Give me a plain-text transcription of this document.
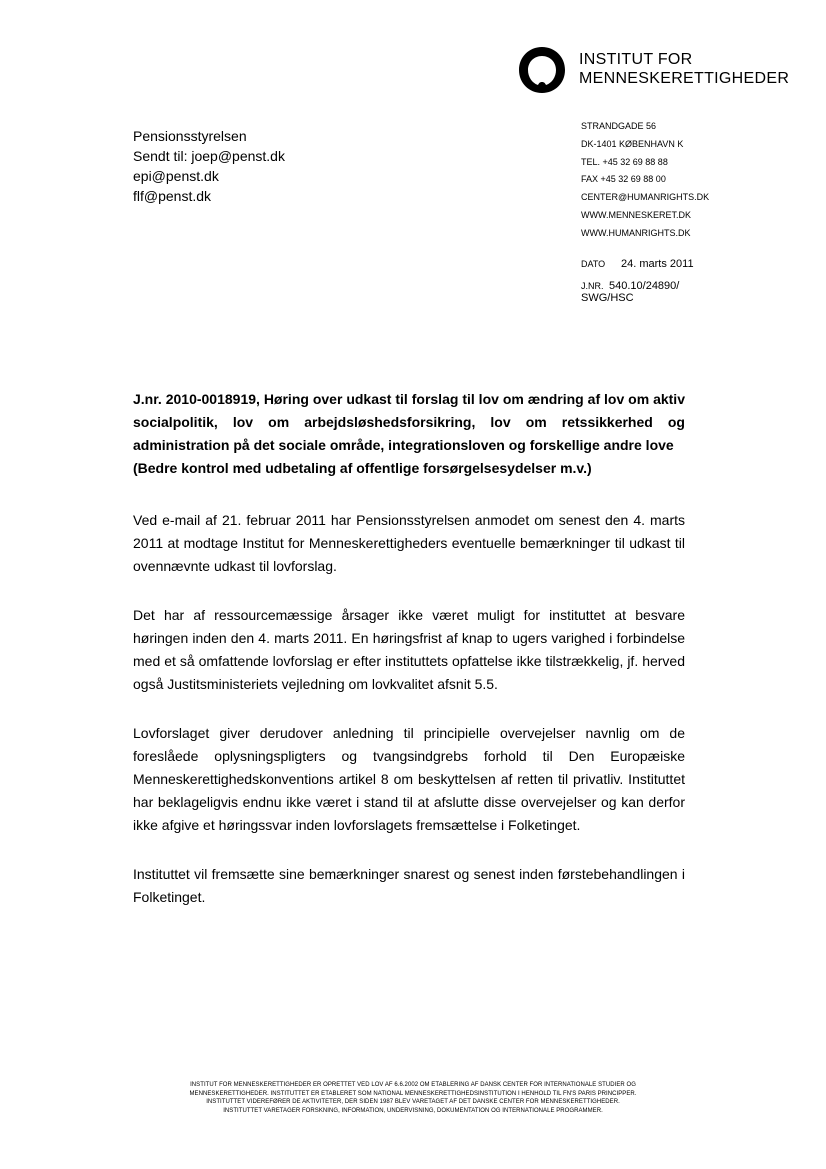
INSTITUT FOR
MENNESKERETTIGHEDER
Pensionsstyrelsen
Sendt til: joep@penst.dk
epi@penst.dk
flf@penst.dk
STRANDGADE 56
DK-1401 KØBENHAVN K
TEL. +45 32 69 88 88
FAX +45 32 69 88 00
CENTER@HUMANRIGHTS.DK
WWW.MENNESKERET.DK
WWW.HUMANRIGHTS.DK
DATO 24. marts 2011
J.NR. 540.10/24890/
SWG/HSC
J.nr. 2010-0018919, Høring over udkast til forslag til lov om ændring af lov om aktiv socialpolitik, lov om arbejdsløshedsforsikring, lov om retssikkerhed og administration på det sociale område, integrationsloven og forskellige andre love
(Bedre kontrol med udbetaling af offentlige forsørgelsesydelser m.v.)

Ved e-mail af 21. februar 2011 har Pensionsstyrelsen anmodet om senest den 4. marts 2011 at modtage Institut for Menneskerettigheders eventuelle bemærkninger til udkast til ovennævnte udkast til lovforslag.

Det har af ressourcemæssige årsager ikke været muligt for instituttet at besvare høringen inden den 4. marts 2011. En høringsfrist af knap to ugers varighed i forbindelse med et så omfattende lovforslag er efter instituttets opfattelse ikke tilstrækkelig, jf. herved også Justitsministeriets vejledning om lovkvalitet afsnit 5.5.

Lovforslaget giver derudover anledning til principielle overvejelser navnlig om de foreslåede oplysningspligters og tvangsindgrebs forhold til Den Europæiske Menneskerettighedskonventions artikel 8 om beskyttelsen af retten til privatliv. Instituttet har beklageligvis endnu ikke været i stand til at afslutte disse overvejelser og kan derfor ikke afgive et høringssvar inden lovforslagets fremsættelse i Folketinget.

Instituttet vil fremsætte sine bemærkninger snarest og senest inden førstebehandlingen i Folketinget.

INSTITUT FOR MENNESKERETTIGHEDER ER OPRETTET VED LOV AF 6.6.2002 OM ETABLERING AF DANSK CENTER FOR INTERNATIONALE STUDIER OG
MENNESKERETTIGHEDER. INSTITUTTET ER ETABLERET SOM NATIONAL MENNESKERETTIGHEDSINSTITUTION I HENHOLD TIL FN'S PARIS PRINCIPPER.
INSTITUTTET VIDEREFØRER DE AKTIVITETER, DER SIDEN 1987 BLEV VARETAGET AF DET DANSKE CENTER FOR MENNESKERETTIGHEDER.
INSTITUTTET VARETAGER FORSKNING, INFORMATION, UNDERVISNING, DOKUMENTATION OG INTERNATIONALE PROGRAMMER.
